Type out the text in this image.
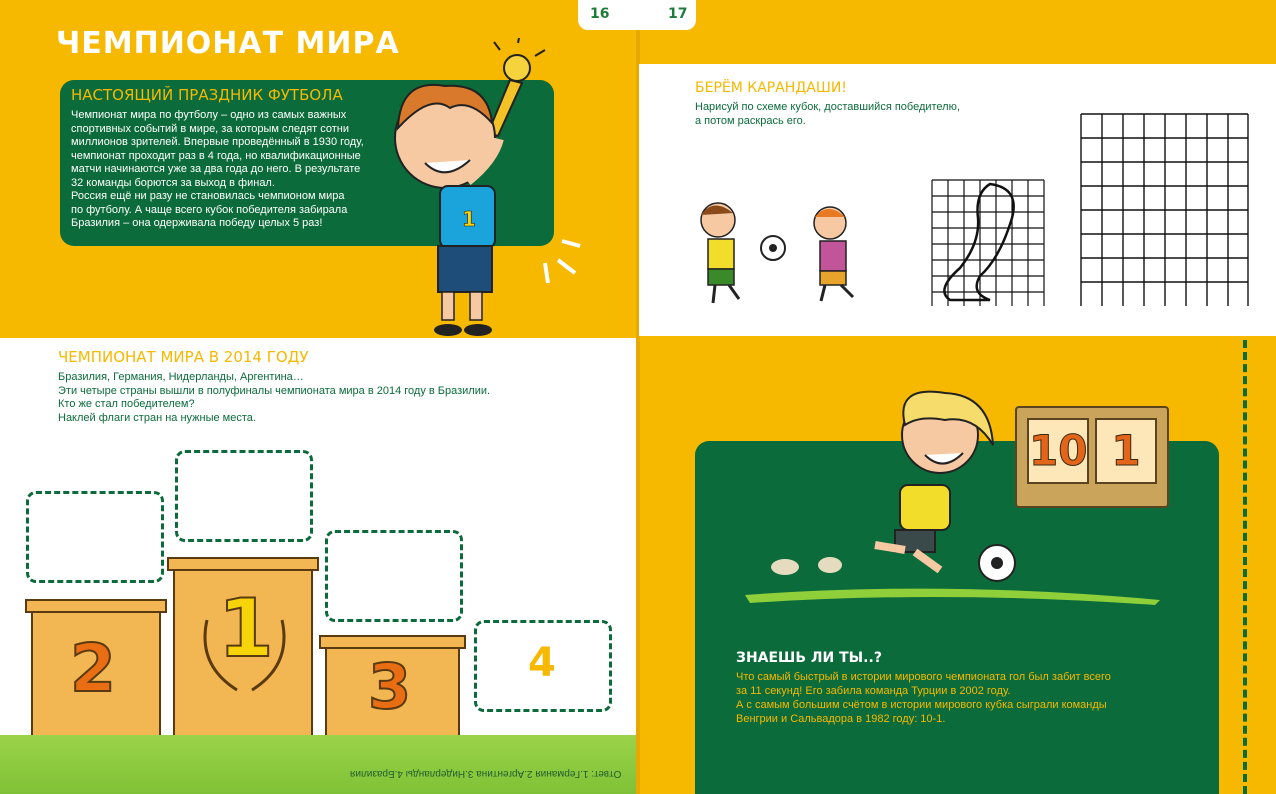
16	17
ЧЕМПИОНАТ МИРА
НАСТОЯЩИЙ ПРАЗДНИК ФУТБОЛА

Чемпионат мира по футболу – одно из самых важных
спортивных событий в мире, за которым следят сотни
миллионов зрителей. Впервые проведённый в 1930 году,
чемпионат проходит раз в 4 года, но квалификационные
матчи начинаются уже за два года до него. В результате
32 команды борются за выход в финал.
Россия ещё ни разу не становилась чемпионом мира
по футболу. А чаще всего кубок победителя забирала
Бразилия – она одерживала победу целых 5 раз!	1
ЧЕМПИОНАТ МИРА В 2014 ГОДУ
Бразилия, Германия, Нидерланды, Аргентина…
Эти четыре страны вышли в полуфиналы чемпионата мира в 2014 году в Бразилии.
Кто же стал победителем?
Наклей флаги стран на нужные места.
2 1
3	4
Ответ: 1.Германия 2.Аргентина 3.Нидерланды 4.Бразилия
БЕРЁМ КАРАНДАШИ!
Нарисуй по схеме кубок, доставшийся победителю,
а потом раскрась его.
10 1
ЗНАЕШЬ ЛИ ТЫ..?
Что самый быстрый в истории мирового чемпионата гол был забит всего
за 11 секунд! Его забила команда Турции в 2002 году.
А с самым большим счётом в истории мирового кубка сыграли команды
Венгрии и Сальвадора в 1982 году: 10-1.
